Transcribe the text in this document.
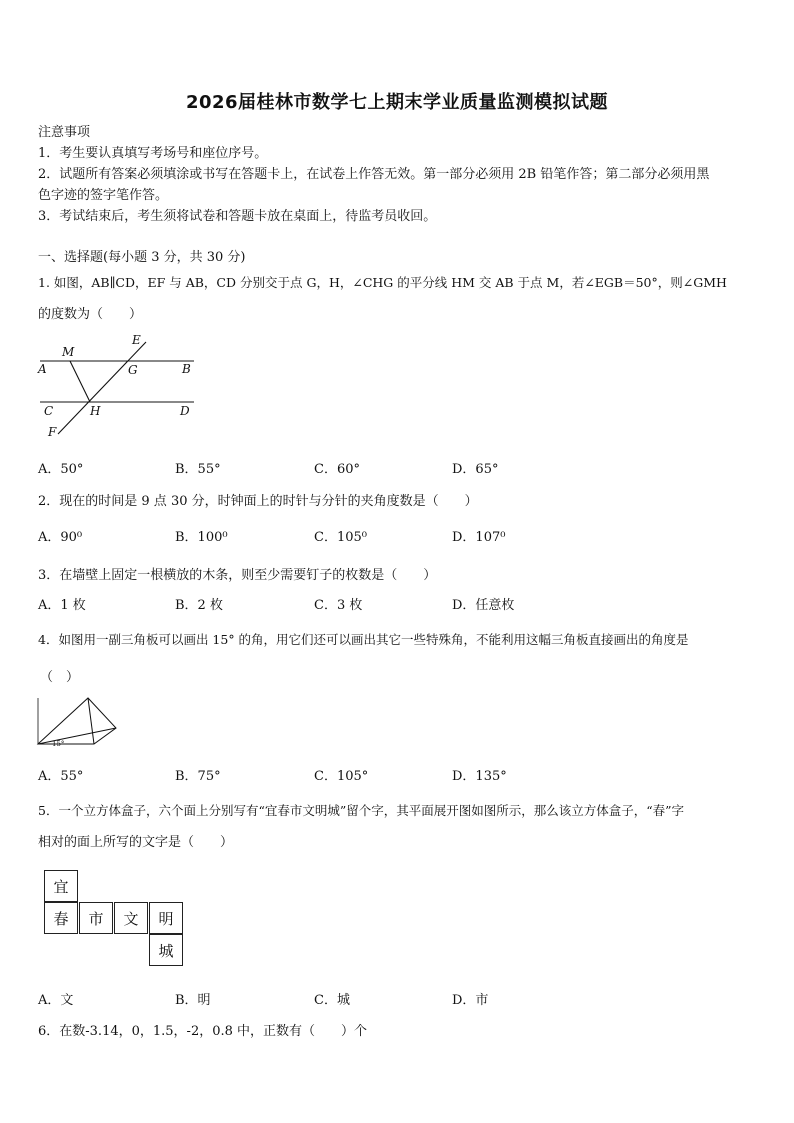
2026届桂林市数学七上期末学业质量监测模拟试题
注意事项
1．考生要认真填写考场号和座位序号。
2．试题所有答案必须填涂或书写在答题卡上，在试卷上作答无效。第一部分必须用 2B 铅笔作答；第二部分必须用黑
色字迹的签字笔作答。
3．考试结束后，考生须将试卷和答题卡放在桌面上，待监考员收回。
一、选择题(每小题 3 分，共 30 分)
1. 如图，AB∥CD，EF 与 AB，CD 分别交于点 G，H，∠CHG 的平分线 HM 交 AB 于点 M，若∠EGB＝50°，则∠GMH
的度数为（　　）
E
M
A	G	B
C	H	D
F
A．50°	B．55°	C．60°	D．65°
2．现在的时间是 9 点 30 分，时钟面上的时针与分针的夹角度数是（　　）
A．90⁰	B．100⁰	C．105⁰	D．107⁰
3．在墙壁上固定一根横放的木条，则至少需要钉子的枚数是（　　）
A．1 枚	B．2 枚	C．3 枚	D．任意枚
4．如图用一副三角板可以画出 15° 的角，用它们还可以画出其它一些特殊角，不能利用这幅三角板直接画出的角度是
（　）
15°
A．55°	B．75°	C．105°	D．135°
5．一个立方体盒子，六个面上分别写有“宜春市文明城”留个字，其平面展开图如图所示，那么该立方体盒子，“春”字
相对的面上所写的文字是（　　）
宜
春	市	文	明
城
A．文	B．明	C．城	D．市
6．在数-3.14，0，1.5，-2，0.8 中，正数有（　　）个
